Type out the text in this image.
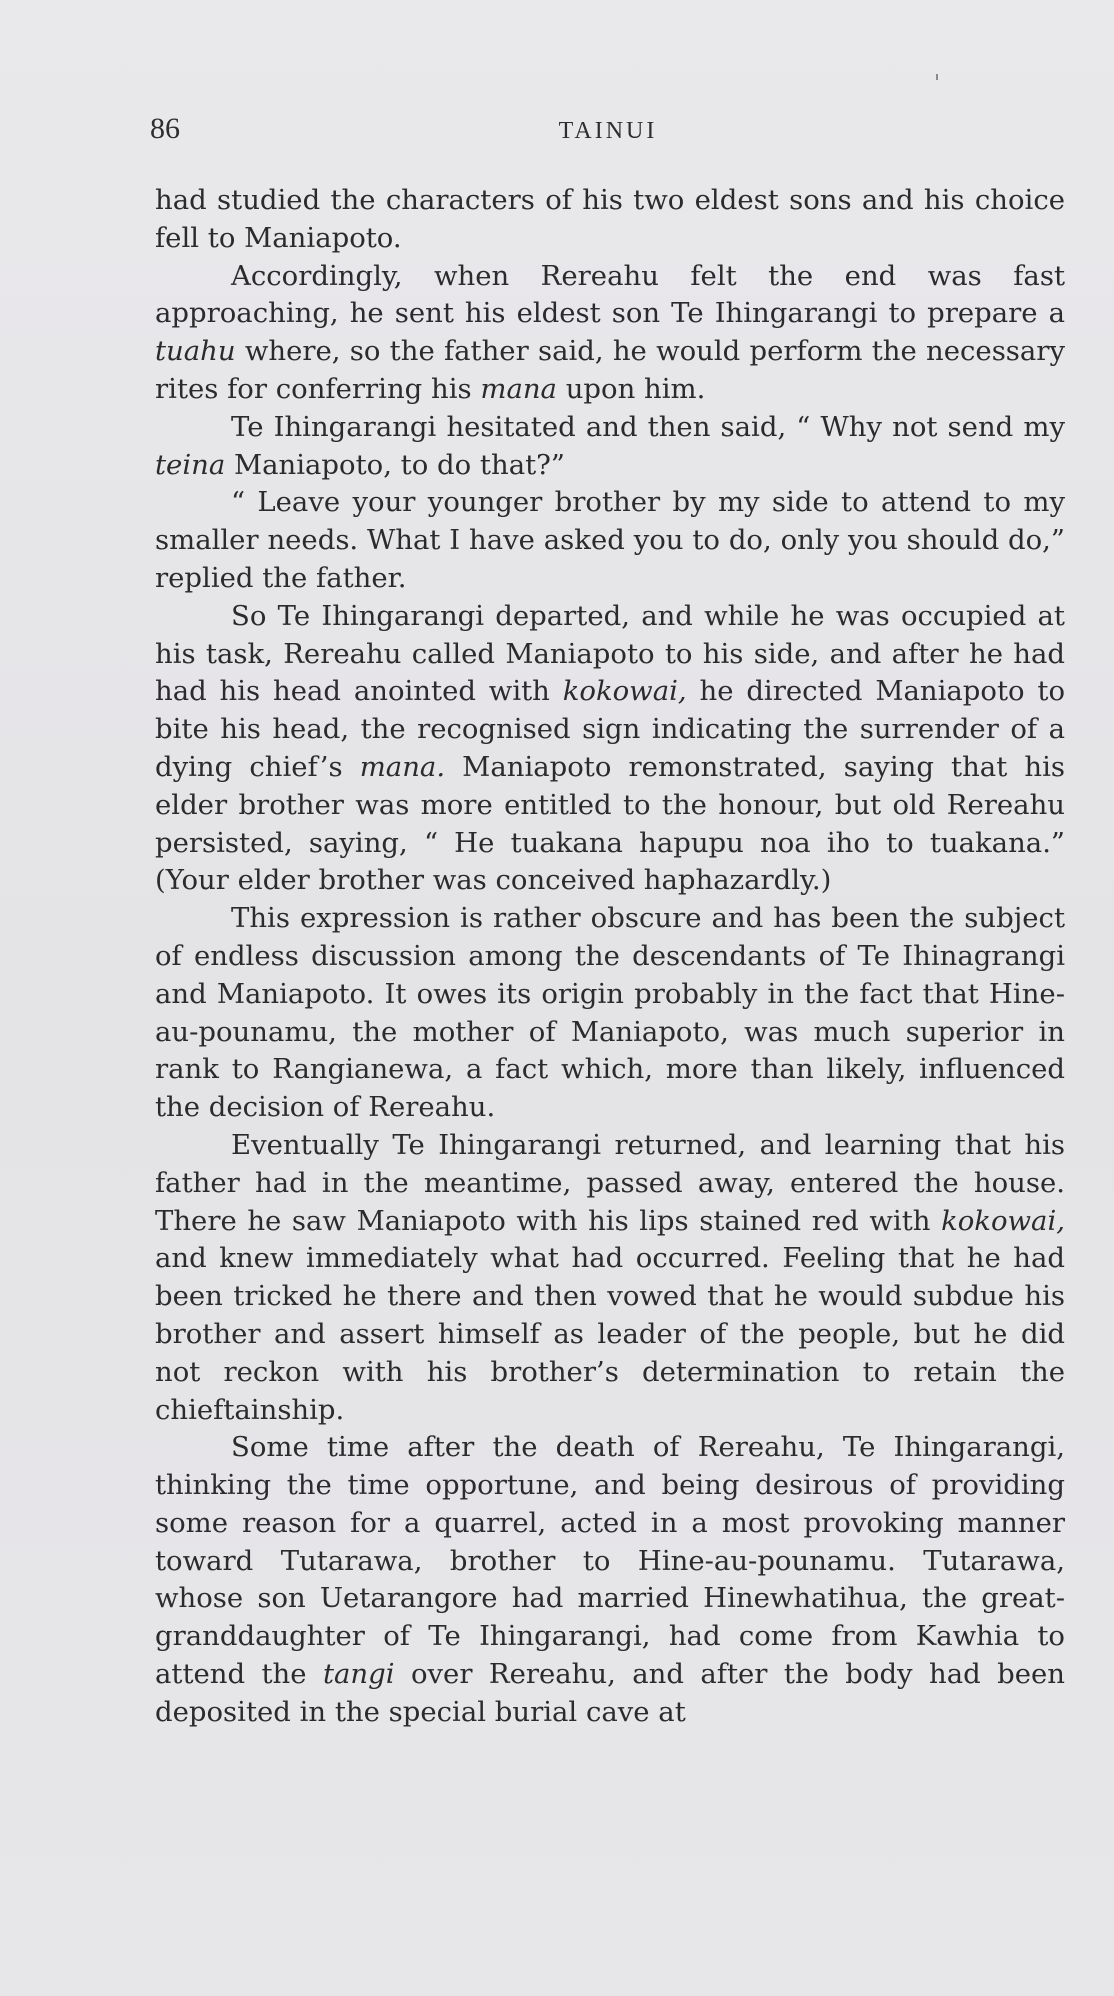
86	TAINUI

had studied the characters of his two eldest sons and his choice fell to Maniapoto.

Accordingly, when Rereahu felt the end was fast approaching, he sent his eldest son Te Ihingarangi to prepare a tuahu where, so the father said, he would perform the necessary rites for conferring his mana upon him.

Te Ihingarangi hesitated and then said, “ Why not send my teina Maniapoto, to do that?”

“ Leave your younger brother by my side to attend to my smaller needs. What I have asked you to do, only you should do,” replied the father.

So Te Ihingarangi departed, and while he was occupied at his task, Rereahu called Maniapoto to his side, and after he had had his head anointed with kokowai, he directed Maniapoto to bite his head, the recognised sign indicating the surrender of a dying chief’s mana. Maniapoto remonstrated, saying that his elder brother was more entitled to the honour, but old Rereahu persisted, saying, “ He tuakana hapupu noa iho to tuakana.” (Your elder brother was conceived haphazardly.)

This expression is rather obscure and has been the subject of endless discussion among the descendants of Te Ihinagrangi and Maniapoto. It owes its origin probably in the fact that Hine-au-pounamu, the mother of Maniapoto, was much superior in rank to Rangianewa, a fact which, more than likely, influenced the decision of Rereahu.

Eventually Te Ihingarangi returned, and learning that his father had in the meantime, passed away, entered the house. There he saw Maniapoto with his lips stained red with kokowai, and knew immediately what had occurred. Feeling that he had been tricked he there and then vowed that he would subdue his brother and assert himself as leader of the people, but he did not reckon with his brother’s determination to retain the chieftainship.

Some time after the death of Rereahu, Te Ihingarangi, thinking the time opportune, and being desirous of providing some reason for a quarrel, acted in a most provoking manner toward Tutarawa, brother to Hine-au-pounamu. Tutarawa, whose son Uetarangore had married Hinewhatihua, the great-granddaughter of Te Ihingarangi, had come from Kawhia to attend the tangi over Rereahu, and after the body had been deposited in the special burial cave at
